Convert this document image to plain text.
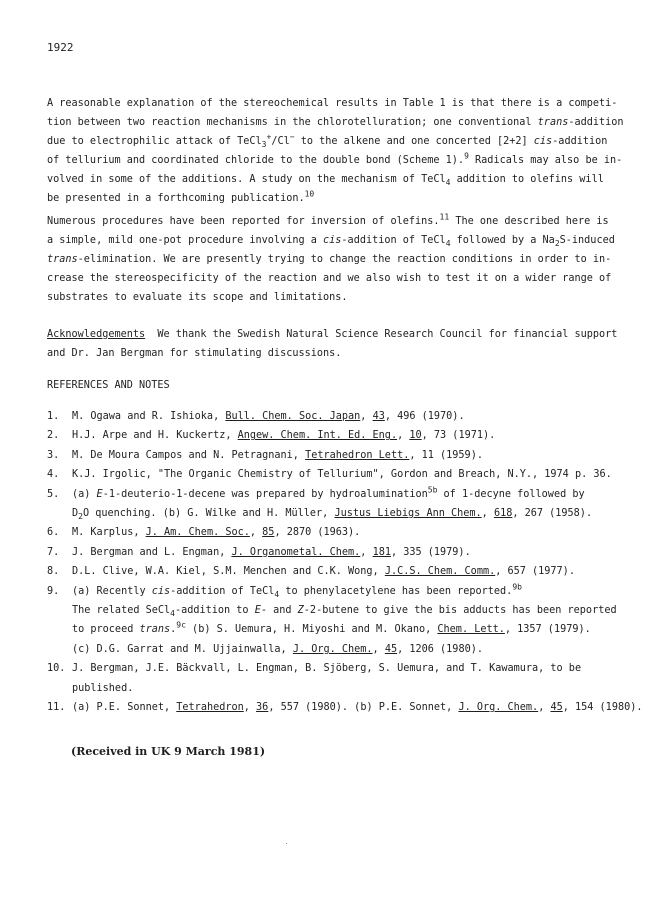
1922

A reasonable explanation of the stereochemical results in Table 1 is that there is a competi-
tion between two reaction mechanisms in the chlorotelluration; one conventional trans-addition
due to electrophilic attack of TeCl$_3$+/Cl− to the alkene and one concerted [2+2] cis-addition
of tellurium and coordinated chloride to the double bond (Scheme 1).$^9$ Radicals may also be in-
volved in some of the additions. A study on the mechanism of TeCl$_4$ addition to olefins will
be presented in a forthcoming publication.$^{10}$

Numerous procedures have been reported for inversion of olefins.$^{11}$ The one described here is
a simple, mild one-pot procedure involving a cis-addition of TeCl$_4$ followed by a $Na_2S$-induced
trans-elimination. We are presently trying to change the reaction conditions in order to in-
crease the stereospecificity of the reaction and we also wish to test it on a wider range of
substrates to evaluate its scope and limitations.

Acknowledgements  We thank the Swedish Natural Science Research Council for financial support
and Dr. Jan Bergman for stimulating discussions.

REFERENCES AND NOTES
1. M. Ogawa and R. Ishioka, Bull. Chem. Soc. Japan, 43, 496 (1970).
2. H.J. Arpe and H. Kuckertz, Angew. Chem. Int. Ed. Eng., 10, 73 (1971).
3. M. De Moura Campos and N. Petragnani, Tetrahedron Lett., 11 (1959).
4. K.J. Irgolic, "The Organic Chemistry of Tellurium", Gordon and Breach, N.Y., 1974 p. 36.
5. (a) E-1-deuterio-1-decene was prepared by hydroalumination$^{5b}$ of 1-decyne followed by
$D_2O$ quenching. (b) G. Wilke and H. Müller, Justus Liebigs Ann Chem., 618, 267 (1958).
6. M. Karplus, J. Am. Chem. Soc., 85, 2870 (1963).
7. J. Bergman and L. Engman, J. Organometal. Chem., 181, 335 (1979).
8. D.L. Clive, W.A. Kiel, S.M. Menchen and C.K. Wong, J.C.S. Chem. Comm., 657 (1977).
9. (a) Recently cis-addition of TeCl$_4$ to phenylacetylene has been reported.$^{9b}$
The related SeCl$_4$-addition to E- and Z-2-butene to give the bis adducts has been reported
to proceed trans.$^{9c}$ (b) S. Uemura, H. Miyoshi and M. Okano, Chem. Lett., 1357 (1979).
(c) D.G. Garrat and M. Ujjainwalla, J. Org. Chem., 45, 1206 (1980).
10. J. Bergman, J.E. Bäckvall, L. Engman, B. Sjöberg, S. Uemura, and T. Kawamura, to be
published.
11. (a) P.E. Sonnet, Tetrahedron, 36, 557 (1980). (b) P.E. Sonnet, J. Org. Chem., 45, 154 (1980).
(Received in UK 9 March 1981)
